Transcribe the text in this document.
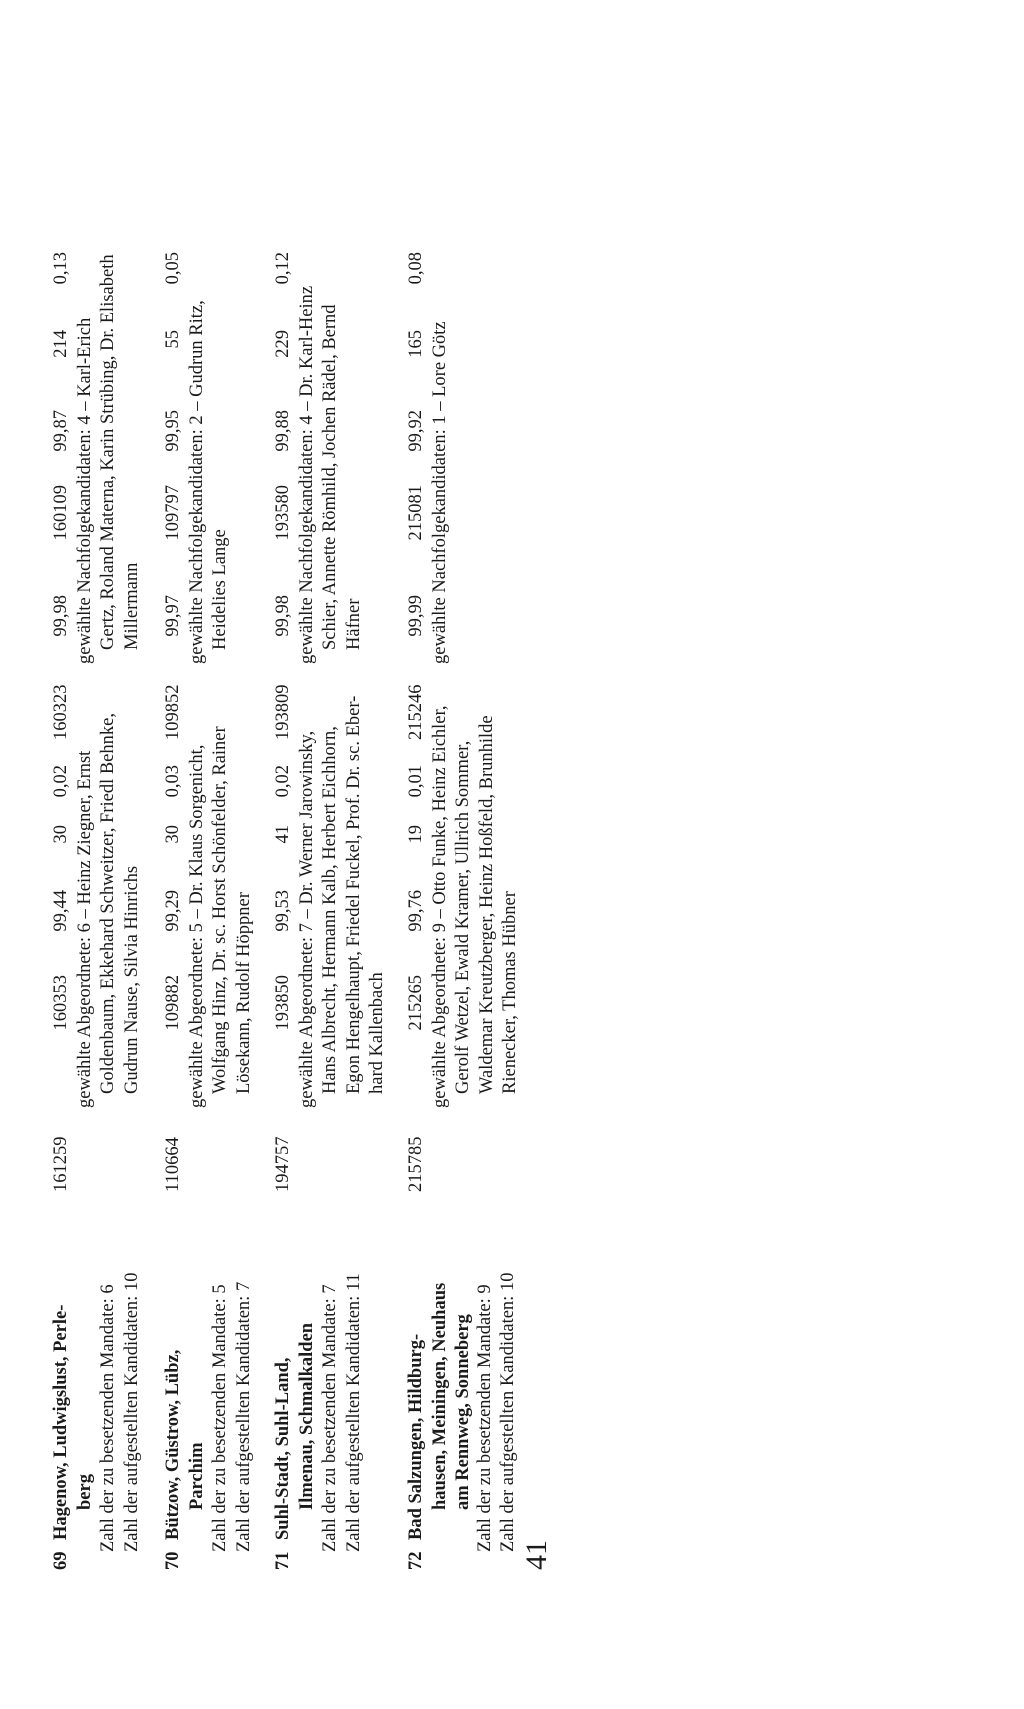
41
69
Hagenow, Ludwigslust, Perle- berg Zahl der zu besetzenden Mandate: 6 Zahl der aufgestellten Kandidaten: 10
161259
160353
99,44
30
0,02
160323
99,98
160109
99,87
214
0,13
gewählte Abgeordnete: 6 – Heinz Ziegner, Ernst Goldenbaum, Ekkehard Schweitzer, Friedl Behnke, Gudrun Nause, Silvia Hinrichs
gewählte Nachfolgekandidaten: 4 – Karl-Erich Gertz, Roland Materna, Karin Strübing, Dr. Elisabeth Millermann
70
Bützow, Güstrow, Lübz, Parchim Zahl der zu besetzenden Mandate: 5 Zahl der aufgestellten Kandidaten: 7
110664
109882
99,29
30
0,03
109852
99,97
109797
99,95
55
0,05
gewählte Abgeordnete: 5 – Dr. Klaus Sorgenicht, Wolfgang Hinz, Dr. sc. Horst Schönfelder, Rainer Lösekann, Rudolf Höppner
gewählte Nachfolgekandidaten: 2 – Gudrun Ritz, Heidelies Lange
71
Suhl-Stadt, Suhl-Land, Ilmenau, Schmalkalden Zahl der zu besetzenden Mandate: 7 Zahl der aufgestellten Kandidaten: 11
194757
193850
99,53
41
0,02
193809
99,98
193580
99,88
229
0,12
gewählte Abgeordnete: 7 – Dr. Werner Jarowinsky, Hans Albrecht, Hermann Kalb, Herbert Eichhorn, Egon Hengelhaupt, Friedel Fuckel, Prof. Dr. sc. Eber- hard Kallenbach
gewählte Nachfolgekandidaten: 4 – Dr. Karl-Heinz Schier, Annette Römhild, Jochen Rädel, Bernd Häfner
72
Bad Salzungen, Hildburg- hausen, Meiningen, Neuhaus am Rennweg, Sonneberg Zahl der zu besetzenden Mandate: 9 Zahl der aufgestellten Kandidaten: 10
215785
215265
99,76
19
0,01
215246
99,99
215081
99,92
165
0,08
gewählte Abgeordnete: 9 – Otto Funke, Heinz Eichler, Gerolf Wetzel, Ewald Kramer, Ullrich Sommer, Waldemar Kreutzberger, Heinz Hoßfeld, Brunhilde Rienecker, Thomas Hübner
gewählte Nachfolgekandidaten: 1 – Lore Götz
